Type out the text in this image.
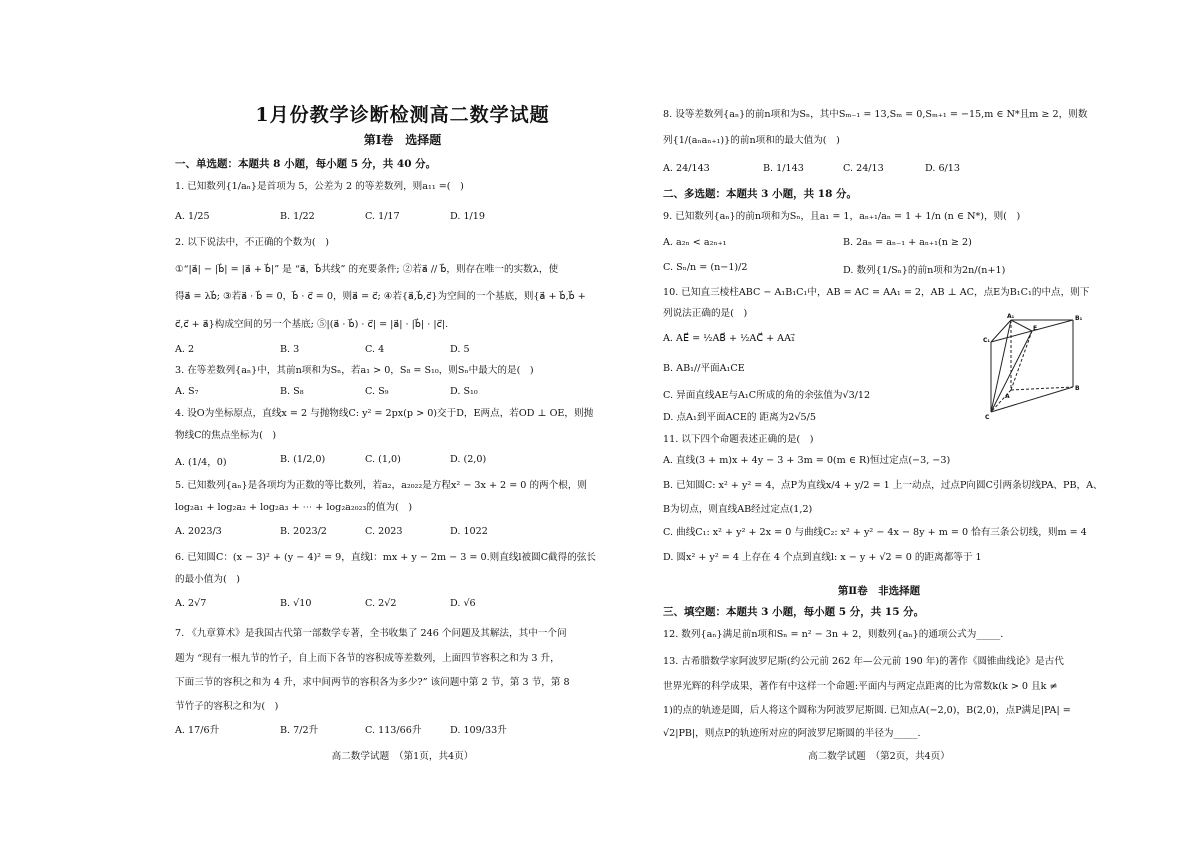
1月份教学诊断检测高二数学试题
第Ⅰ卷　选择题
一、单选题：本题共 8 小题，每小题 5 分，共 40 分。
1. 已知数列{1/aₙ}是首项为 5，公差为 2 的等差数列，则a₁₁ =(　)
A. 1/25	B. 1/22	C. 1/17	D. 1/19
2. 以下说法中，不正确的个数为(　)
①“|a⃗| − |b⃗| = |a⃗ + b⃗|” 是 “a⃗，b⃗共线” 的充要条件; ②若a⃗ // b⃗，则存在唯一的实数λ，使
得a⃗ = λb⃗; ③若a⃗ · b⃗ = 0，b⃗ · c⃗ = 0，则a⃗ = c⃗; ④若{a⃗,b⃗,c⃗}为空间的一个基底，则{a⃗ + b⃗,b⃗ +
c⃗,c⃗ + a⃗}构成空间的另一个基底; ⑤|(a⃗ · b⃗) · c⃗| = |a⃗| · |b⃗| · |c⃗|.
A. 2	B. 3	C. 4	D. 5
3. 在等差数列{aₙ}中，其前n项和为Sₙ，若a₁ > 0，S₈ = S₁₀，则Sₙ中最大的是(　)
A. S₇	B. S₈	C. S₉	D. S₁₀
4. 设O为坐标原点，直线x = 2 与抛物线C: y² = 2px(p > 0)交于D，E两点，若OD ⊥ OE，则抛
物线C的焦点坐标为(　)
A. (1/4，0)	B. (1/2,0)	C. (1,0)	D. (2,0)
5. 已知数列{aₙ}是各项均为正数的等比数列，若a₂，a₂₀₂₂是方程x² − 3x + 2 = 0 的两个根，则
log₂a₁ + log₂a₂ + log₂a₃ + ⋯ + log₂a₂₀₂₃的值为(　)
A. 2023/3	B. 2023/2	C. 2023	D. 1022
6. 已知圆C：(x − 3)² + (y − 4)² = 9，直线l：mx + y − 2m − 3 = 0.则直线l被圆C截得的弦长
的最小值为(　)
A. 2√7	B. √10	C. 2√2	D. √6
7. 《九章算术》是我国古代第一部数学专著，全书收集了 246 个问题及其解法，其中一个问
题为 “现有一根九节的竹子，自上而下各节的容积成等差数列，上面四节容积之和为 3 升，
下面三节的容积之和为 4 升，求中间两节的容积各为多少?” 该问题中第 2 节，第 3 节，第 8
节竹子的容积之和为(　)
A. 17/6升	B. 7/2升	C. 113/66升	D. 109/33升
高二数学试题　（第1页，共4页）
8. 设等差数列{aₙ}的前n项和为Sₙ，其中Sₘ₋₁ = 13,Sₘ = 0,Sₘ₊₁ = −15,m ∈ N*且m ≥ 2，则数
列{1/(aₙaₙ₊₁)}的前n项和的最大值为(　)
A. 24/143	B. 1/143	C. 24/13	D. 6/13
二、多选题：本题共 3 小题，共 18 分。
9. 已知数列{aₙ}的前n项和为Sₙ，且a₁ = 1，aₙ₊₁/aₙ = 1 + 1/n (n ∈ N*)，则(　)
A. a₂ₙ < a₂ₙ₊₁	B. 2aₙ = aₙ₋₁ + aₙ₊₁(n ≥ 2)
C. Sₙ/n = (n−1)/2	D. 数列{1/Sₙ}的前n项和为2n/(n+1)
10. 已知直三棱柱ABC − A₁B₁C₁中，AB = AC = AA₁ = 2，AB ⊥ AC，点E为B₁C₁的中点，则下
列说法正确的是(　)
A. AE⃗ = ½AB⃗ + ½AC⃗ + AA₁⃗
B. AB₁//平面A₁CE
C. 异面直线AE与A₁C所成的角的余弦值为√3/12
D. 点A₁到平面ACE的 距离为2√5/5
A₁	B₁
C₁
E
A
B
C
11. 以下四个命题表述正确的是(　)
A. 直线(3 + m)x + 4y − 3 + 3m = 0(m ∈ R)恒过定点(−3, −3)
B. 已知圆C: x² + y² = 4，点P为直线x/4 + y/2 = 1 上一动点，过点P向圆C引两条切线PA、PB，A、
B为切点，则直线AB经过定点(1,2)
C. 曲线C₁: x² + y² + 2x = 0 与曲线C₂: x² + y² − 4x − 8y + m = 0 恰有三条公切线，则m = 4
D. 圆x² + y² = 4 上存在 4 个点到直线l: x − y + √2 = 0 的距离都等于 1
第Ⅱ卷　非选择题
三、填空题：本题共 3 小题，每小题 5 分，共 15 分。
12. 数列{aₙ}满足前n项和Sₙ = n² − 3n + 2，则数列{aₙ}的通项公式为_____.
13. 古希腊数学家阿波罗尼斯(约公元前 262 年—公元前 190 年)的著作《圆锥曲线论》是古代
世界光辉的科学成果，著作有中这样一个命题:平面内与两定点距离的比为常数k(k > 0 且k ≠
1)的点的轨迹是圆，后人将这个圆称为阿波罗尼斯圆. 已知点A(−2,0)，B(2,0)，点P满足|PA| =
√2|PB|，则点P的轨迹所对应的阿波罗尼斯圆的半径为_____.
高二数学试题　（第2页，共4页）
